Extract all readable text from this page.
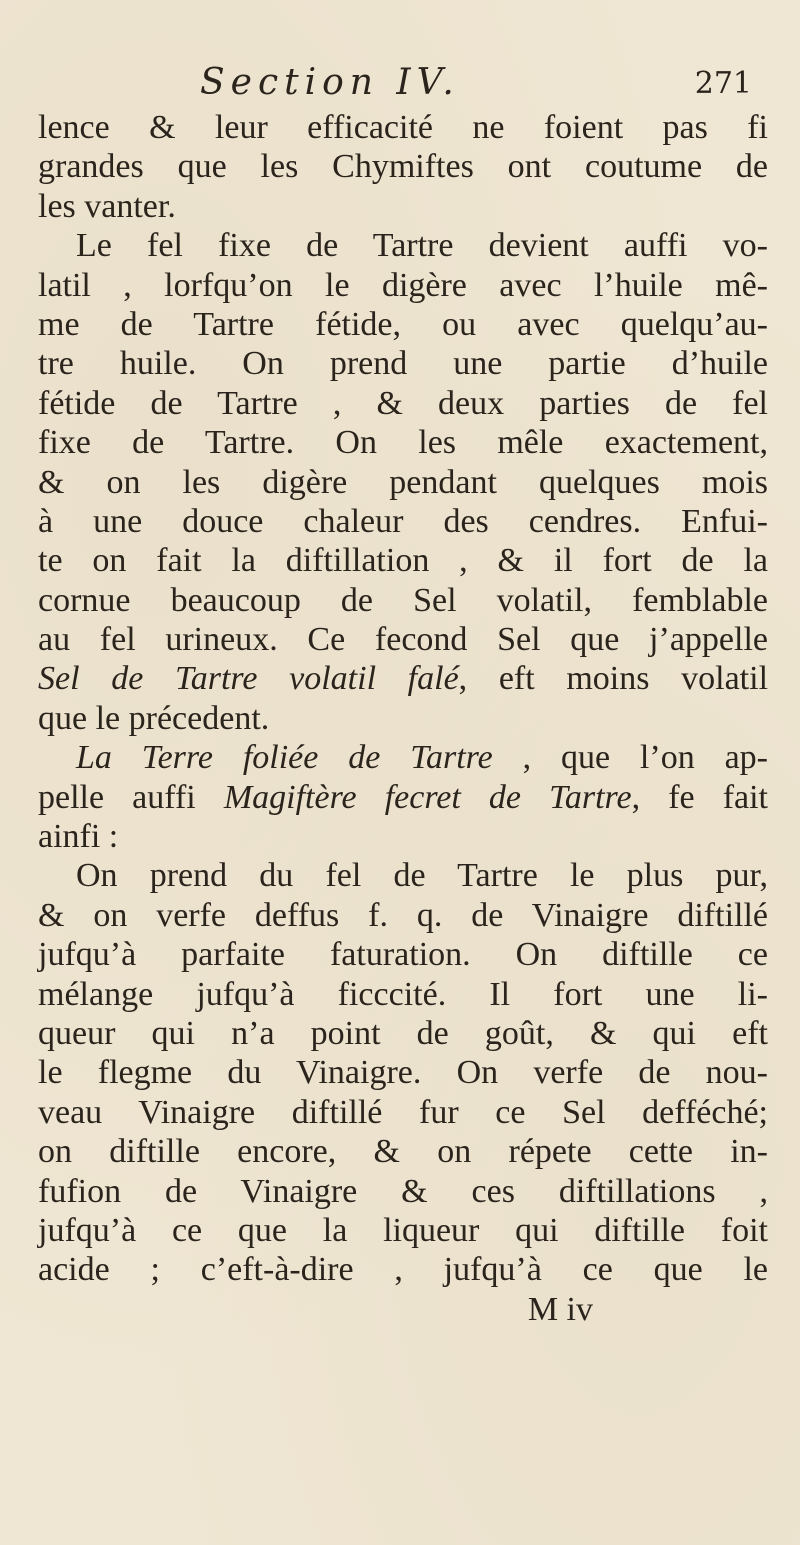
Section IV.	271
lence & leur efficacité ne foient pas fi
grandes que les Chymiftes ont coutume de
les vanter.
Le fel fixe de Tartre devient auffi vo-
latil , lorfqu’on le digère avec l’huile mê-
me de Tartre fétide, ou avec quelqu’au-
tre huile. On prend une partie d’huile
fétide de Tartre , & deux parties de fel
fixe de Tartre. On les mêle exactement,
& on les digère pendant quelques mois
à une douce chaleur des cendres. Enfui-
te on fait la diftillation , & il fort de la
cornue beaucoup de Sel volatil, femblable
au fel urineux. Ce fecond Sel que j’appelle
Sel de Tartre volatil falé, eft moins volatil
que le précedent.
La Terre foliée de Tartre , que l’on ap-
pelle auffi Magiftère fecret de Tartre, fe fait
ainfi :
On prend du fel de Tartre le plus pur,
& on verfe deffus f. q. de Vinaigre diftillé
jufqu’à parfaite faturation. On diftille ce
mélange jufqu’à ficccité. Il fort une li-
queur qui n’a point de goût, & qui eft
le flegme du Vinaigre. On verfe de nou-
veau Vinaigre diftillé fur ce Sel defféché;
on diftille encore, & on répete cette in-
fufion de Vinaigre & ces diftillations ,
jufqu’à ce que la liqueur qui diftille foit
acide ; c’eft-à-dire , jufqu’à ce que le
M iv
